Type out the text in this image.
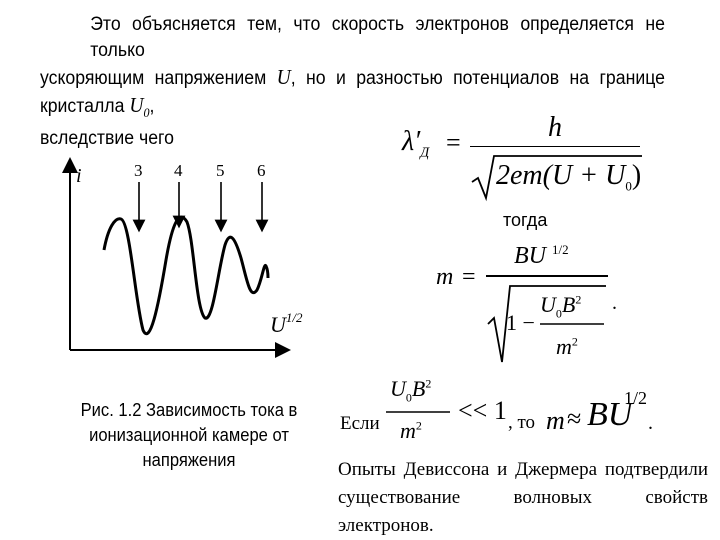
Это объясняется тем, что скорость электронов определяется не только

ускоряющим напряжением U, но и разностью потенциалов на границе кристалла $U_0$,

вследствие чего

i
$U^{1/2}$
3 4 5 6
Рис. 1.2 Зависимость тока в
ионизационной камере от
напряжения
$\lambda'_Д$ =	h
$2em(U + U_0)$
тогда
m =
BU $^{1/2}$
1 −
$U_0B^2$
$m^2$
.
Если
$U_0B^2$
$m^2$
<< 1 , то m ≈ BU
1/2
.
Опыты Девиссона и Джермера подтвердили существование волновых свойств электронов.
